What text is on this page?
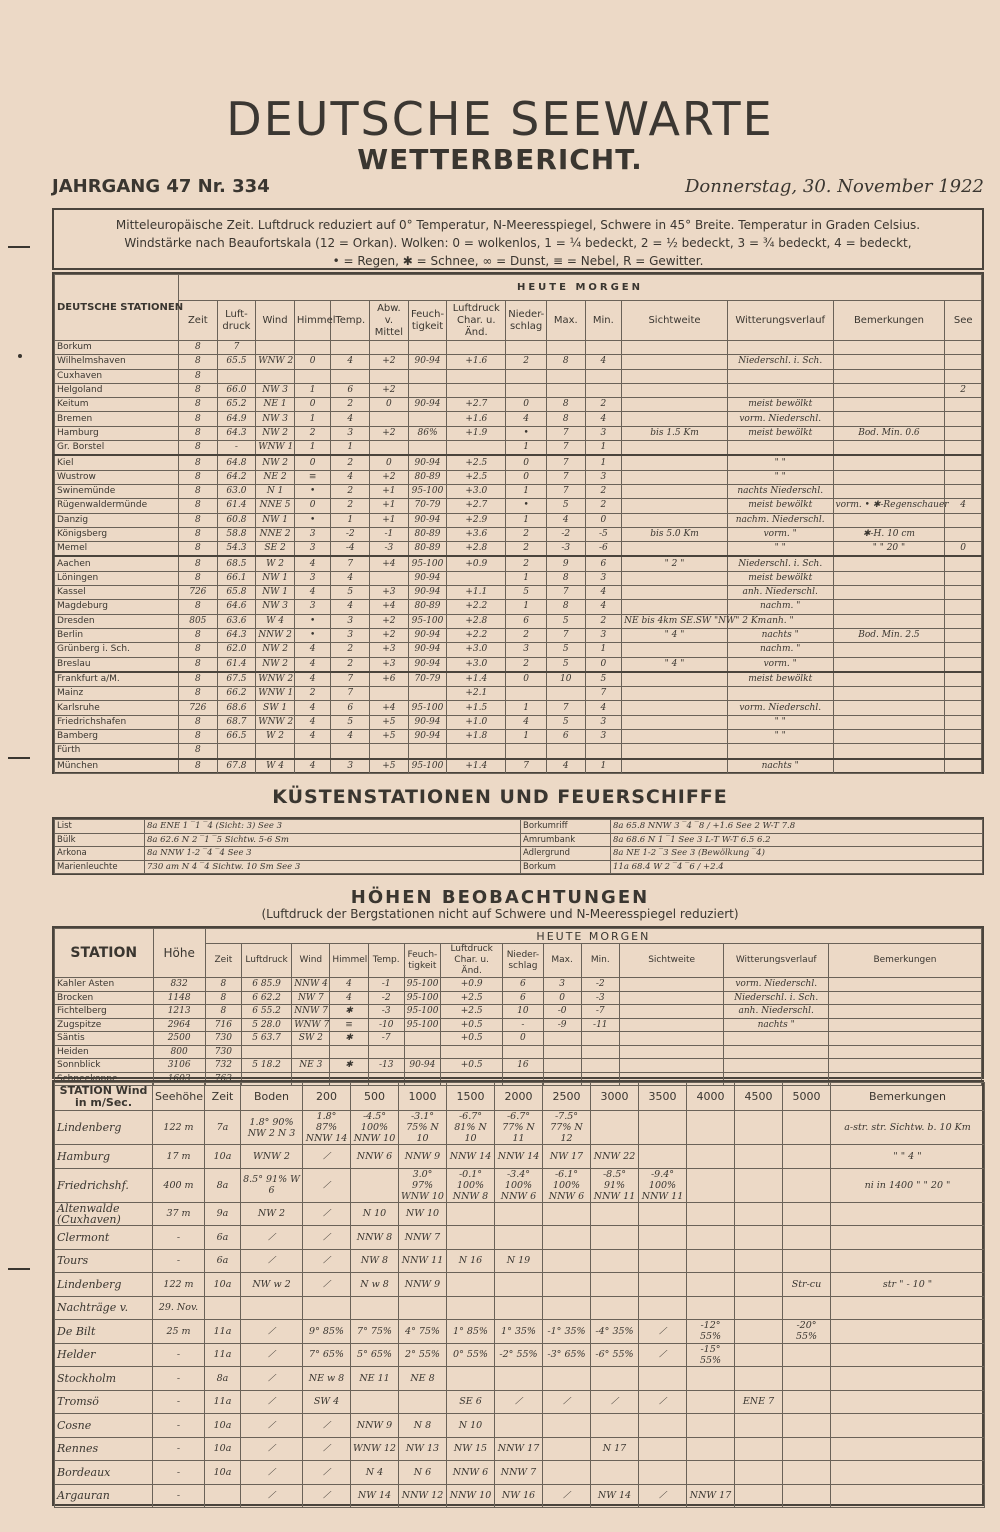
DEUTSCHE SEEWARTE
WETTERBERICHT.
JAHRGANG 47 Nr. 334	Donnerstag, 30. November 1922
Mitteleuropäische Zeit. Luftdruck reduziert auf 0° Temperatur, N-Meeresspiegel, Schwere in 45° Breite. Temperatur in Graden Celsius.
Windstärke nach Beaufortskala (12 = Orkan). Wolken: 0 = wolkenlos, 1 = ¼ bedeckt, 2 = ½ bedeckt, 3 = ¾ bedeckt, 4 = bedeckt,
• = Regen, ✱ = Schnee, ∞ = Dunst, ≡ = Nebel, R = Gewitter.
DEUTSCHE STATIONEN	HEUTE MORGEN														
	Zeit	Luft-druck	Wind	Himmel	Temp.	Abw. v. Mittel	Feuch-tigkeit	Luftdruck Char. u. Änd.	Nieder-schlag	Max.	Min.	Sichtweite	Witterungsverlauf	Bemerkungen	See
Borkum	8	7													
Wilhelmshaven	8	65.5	WNW 2	0	4	+2	90-94	+1.6	2	8	4		Niederschl. i. Sch.		
Cuxhaven	8														
Helgoland	8	66.0	NW 3	1	6	+2									2
Keitum	8	65.2	NE 1	0	2	0	90-94	+2.7	0	8	2		meist bewölkt		
Bremen	8	64.9	NW 3	1	4			+1.6	4	8	4		vorm. Niederschl.		
Hamburg	8	64.3	NW 2	2	3	+2	86%	+1.9	•	7	3	bis 1.5 Km	meist bewölkt	Bod. Min. 0.6	
Gr. Borstel	8	-	WNW 1	1	1				1	7	1				
Kiel	8	64.8	NW 2	0	2	0	90-94	+2.5	0	7	1		" "		
Wustrow	8	64.2	NE 2	≡	4	+2	80-89	+2.5	0	7	3		" "		
Swinemünde	8	63.0	N 1	•	2	+1	95-100	+3.0	1	7	2		nachts Niederschl.		
Rügenwaldermünde	8	61.4	NNE 5	0	2	+1	70-79	+2.7	•	5	2		meist bewölkt	vorm. • ✱-Regenschauer	4
Danzig	8	60.8	NW 1	•	1	+1	90-94	+2.9	1	4	0		nachm. Niederschl.		
Königsberg	8	58.8	NNE 2	3	-2	-1	80-89	+3.6	2	-2	-5	bis 5.0 Km	vorm. "	✱-H. 10 cm	
Memel	8	54.3	SE 2	3	-4	-3	80-89	+2.8	2	-3	-6		" "	" " 20 "	0
Aachen	8	68.5	W 2	4	7	+4	95-100	+0.9	2	9	6	" 2 "	Niederschl. i. Sch.		
Löningen	8	66.1	NW 1	3	4		90-94		1	8	3		meist bewölkt		
Kassel	726	65.8	NW 1	4	5	+3	90-94	+1.1	5	7	4		anh. Niederschl.		
Magdeburg	8	64.6	NW 3	3	4	+4	80-89	+2.2	1	8	4		nachm. "		
Dresden	805	63.6	W 4	•	3	+2	95-100	+2.8	6	5	2	NE bis 4km SE.SW "NW" 2 Km	anh. "		
Berlin	8	64.3	NNW 2	•	3	+2	90-94	+2.2	2	7	3	" 4 "	nachts "	Bod. Min. 2.5	
Grünberg i. Sch.	8	62.0	NW 2	4	2	+3	90-94	+3.0	3	5	1		nachm. "		
Breslau	8	61.4	NW 2	4	2	+3	90-94	+3.0	2	5	0	" 4 "	vorm. "		
Frankfurt a/M.	8	67.5	WNW 2	4	7	+6	70-79	+1.4	0	10	5		meist bewölkt		
Mainz	8	66.2	WNW 1	2	7			+2.1			7				
Karlsruhe	726	68.6	SW 1	4	6	+4	95-100	+1.5	1	7	4		vorm. Niederschl.		
Friedrichshafen	8	68.7	WNW 2	4	5	+5	90-94	+1.0	4	5	3		" "		
Bamberg	8	66.5	W 2	4	4	+5	90-94	+1.8	1	6	3		" "		
Fürth	8														
München	8	67.8	W 4	4	3	+5	95-100	+1.4	7	4	1		nachts "		
KÜSTENSTATIONEN UND FEUERSCHIFFE
List	8a ENE 1 ‾1 ‾4 (Sicht: 3) See 3	Borkumriff	8a 65.8 NNW 3 ‾4 ‾8 / +1.6 See 2 W-T 7.8
Bülk	8a 62.6 N 2 ‾1 ‾5 Sichtw. 5-6 Sm	Amrumbank	8a 68.6 N 1 ‾1 See 3 L-T W-T 6.5 6.2
Arkona	8a NNW 1-2 ‾4 ‾4 See 3	Adlergrund	8a NE 1-2 ‾3 See 3 (Bewölkung ‾4)
Marienleuchte	730 am N 4 ‾4 Sichtw. 10 Sm See 3	Borkum	11a 68.4 W 2 ‾4 ‾6 / +2.4
HÖHEN BEOBACHTUNGEN
(Luftdruck der Bergstationen nicht auf Schwere und N-Meeresspiegel reduziert)
STATION	Höhe	HEUTE MORGEN												
		Zeit	Luftdruck	Wind	Himmel	Temp.	Feuch-tigkeit	Luftdruck Char. u. Änd.	Nieder-schlag	Max.	Min.	Sichtweite	Witterungsverlauf	Bemerkungen
Kahler Asten	832	8	6 85.9	NNW 4	4	-1	95-100	+0.9	6	3	-2		vorm. Niederschl.	
Brocken	1148	8	6 62.2	NW 7	4	-2	95-100	+2.5	6	0	-3		Niederschl. i. Sch.	
Fichtelberg	1213	8	6 55.2	NNW 7	✱	-3	95-100	+2.5	10	-0	-7		anh. Niederschl.	
Zugspitze	2964	716	5 28.0	WNW 7	≡	-10	95-100	+0.5	-	-9	-11		nachts "	
Säntis	2500	730	5 63.7	SW 2	✱	-7		+0.5	0					
Heiden	800	730												
Sonnblick	3106	732	5 18.2	NE 3	✱	-13	90-94	+0.5	16					
Schneekoppe	1603	763												
STATION Wind in m/Sec.	Seehöhe	Zeit	Boden	200	500	1000	1500	2000	2500	3000	3500	4000	4500	5000	Bemerkungen
Lindenberg	122 m	7a	1.8° 90% NW 2 N 3	1.8° 87% NNW 14	-4.5° 100% NNW 10	-3.1° 75% N 10	-6.7° 81% N 10	-6.7° 77% N 11	-7.5° 77% N 12						a-str. str. Sichtw. b. 10 Km
Hamburg	17 m	10a	WNW 2	⟋	NNW 6	NNW 9	NNW 14	NNW 14	NW 17	NNW 22					" " 4 "
Friedrichshf.	400 m	8a	8.5° 91% W 6	⟋		3.0° 97% WNW 10	-0.1° 100% NNW 8	-3.4° 100% NNW 6	-6.1° 100% NNW 6	-8.5° 91% NNW 11	-9.4° 100% NNW 11				ni in 1400 " " 20 "
Altenwalde (Cuxhaven)	37 m	9a	NW 2	⟋	N 10	NW 10									
Clermont	-	6a	⟋	⟋	NNW 8	NNW 7									
Tours	-	6a	⟋	⟋	NW 8	NNW 11	N 16	N 19							
Lindenberg	122 m	10a	NW w 2	⟋	N w 8	NNW 9								Str-cu	str " - 10 "
Nachträge v.	29. Nov.														
De Bilt	25 m	11a	⟋	9° 85%	7° 75%	4° 75%	1° 85%	1° 35%	-1° 35%	-4° 35%	⟋	-12° 55%		-20° 55%	
Helder	-	11a	⟋	7° 65%	5° 65%	2° 55%	0° 55%	-2° 55%	-3° 65%	-6° 55%	⟋	-15° 55%			
Stockholm	-	8a	⟋	NE w 8	NE 11	NE 8									
Tromsö	-	11a	⟋	SW 4			SE 6	⟋	⟋	⟋	⟋		ENE 7		
Cosne	-	10a	⟋	⟋	NNW 9	N 8	N 10								
Rennes	-	10a	⟋	⟋	WNW 12	NW 13	NW 15	NNW 17		N 17					
Bordeaux	-	10a	⟋	⟋	N 4	N 6	NNW 6	NNW 7							
Argauran	-		⟋	⟋	NW 14	NNW 12	NNW 10	NW 16	⟋	NW 14	⟋	NNW 17			
